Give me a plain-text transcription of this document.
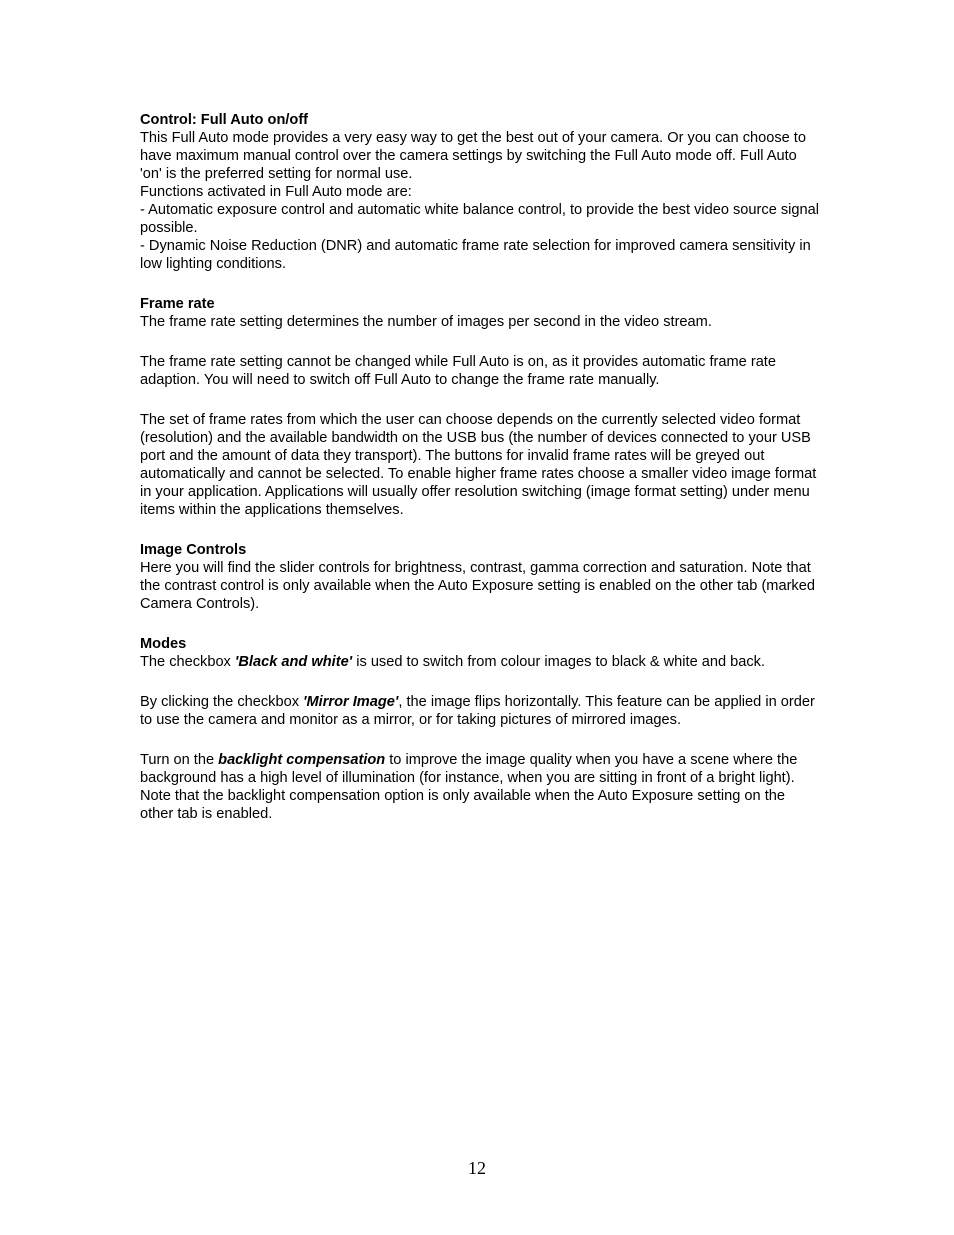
Control: Full Auto on/off

This Full Auto mode provides a very easy way to get the best out of your camera. Or you can choose to have maximum manual control over the camera settings by switching the Full Auto mode off. Full Auto 'on' is the preferred setting for normal use.

Functions activated in Full Auto mode are:

- Automatic exposure control and automatic white balance control, to provide the best video source signal possible.

- Dynamic Noise Reduction (DNR) and automatic frame rate selection for improved camera sensitivity in low lighting conditions.

Frame rate

The frame rate setting determines the number of images per second in the video stream.

The frame rate setting cannot be changed while Full Auto is on, as it provides automatic frame rate adaption. You will need to switch off Full Auto to change the frame rate manually.

The set of frame rates from which the user can choose depends on the currently selected video format (resolution) and the available bandwidth on the USB bus (the number of devices connected to your USB port and the amount of data they transport). The buttons for invalid frame rates will be greyed out automatically and cannot be selected. To enable higher frame rates choose a smaller video image format in your application. Applications will usually offer resolution switching (image format setting) under menu items within the applications themselves.

Image Controls

Here you will find the slider controls for brightness, contrast, gamma correction and saturation. Note that the contrast control is only available when the Auto Exposure setting is enabled on the other tab (marked Camera Controls).

Modes

The checkbox 'Black and white' is used to switch from colour images to black & white and back.

By clicking the checkbox 'Mirror Image', the image flips horizontally. This feature can be applied in order to use the camera and monitor as a mirror, or for taking pictures of mirrored images.

Turn on the backlight compensation to improve the image quality when you have a scene where the background has a high level of illumination (for instance, when you are sitting in front of a bright light). Note that the backlight compensation option is only available when the Auto Exposure setting on the other tab is enabled.

12
